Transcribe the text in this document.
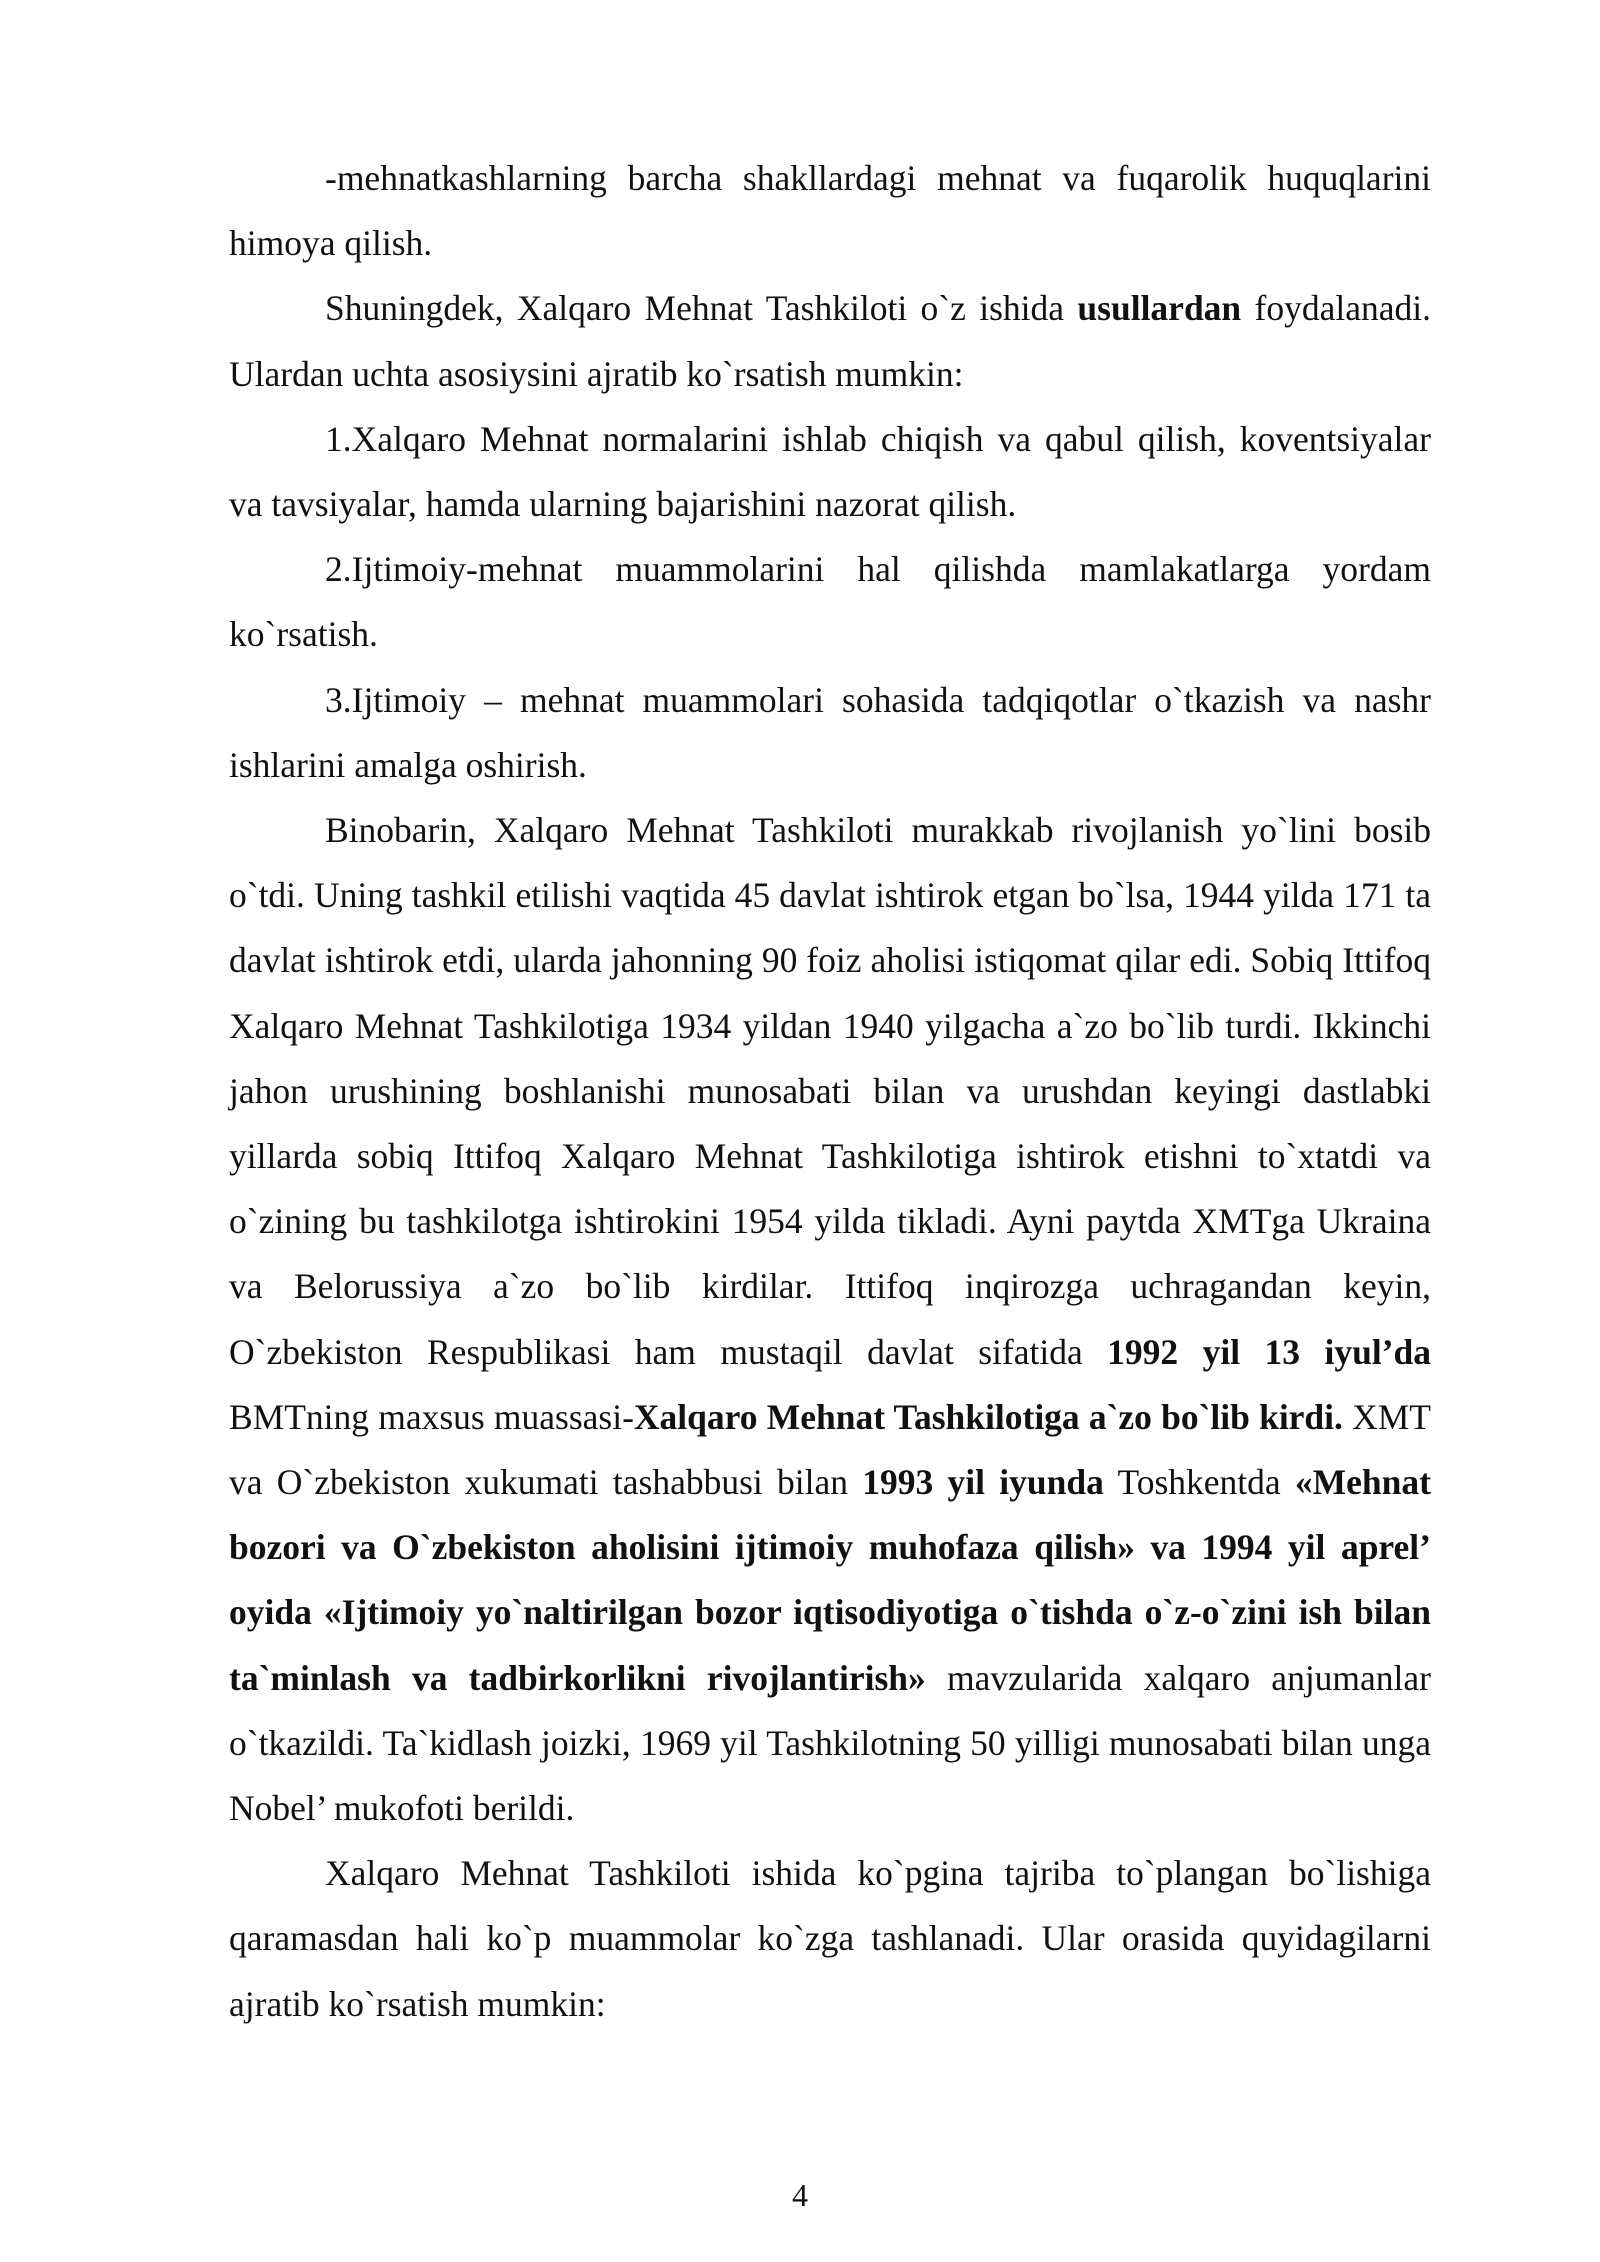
-mehnatkashlarning barcha shakllardagi mehnat va fuqarolik huquqlarini himoya qilish.

Shuningdek, Xalqaro Mehnat Tashkiloti o`z ishida usullardan foydalanadi. Ulardan uchta asosiysini ajratib ko`rsatish mumkin:

1.Xalqaro Mehnat normalarini ishlab chiqish va qabul qilish, koventsiyalar va tavsiyalar, hamda ularning bajarishini nazorat qilish.

2.Ijtimoiy-mehnat muammolarini hal qilishda mamlakatlarga yordam ko`rsatish.

3.Ijtimoiy – mehnat muammolari sohasida tadqiqotlar o`tkazish va nashr ishlarini amalga oshirish.

Binobarin, Xalqaro Mehnat Tashkiloti murakkab rivojlanish yo`lini bosib o`tdi. Uning tashkil etilishi vaqtida 45 davlat ishtirok etgan bo`lsa, 1944 yilda 171 ta davlat ishtirok etdi, ularda jahonning 90 foiz aholisi istiqomat qilar edi. Sobiq Ittifoq Xalqaro Mehnat Tashkilotiga 1934 yildan 1940 yilgacha a`zo bo`lib turdi. Ikkinchi jahon urushining boshlanishi munosabati bilan va urushdan keyingi dastlabki yillarda sobiq Ittifoq Xalqaro Mehnat Tashkilotiga ishtirok etishni to`xtatdi va o`zining bu tashkilotga ishtirokini 1954 yilda tikladi. Ayni paytda XMTga Ukraina va Belorussiya a`zo bo`lib kirdilar. Ittifoq inqirozga uchragandan keyin, O`zbekiston Respublikasi ham mustaqil davlat sifatida 1992 yil 13 iyul’da BMTning maxsus muassasi-Xalqaro Mehnat Tashkilotiga a`zo bo`lib kirdi. XMT va O`zbekiston xukumati tashabbusi bilan 1993 yil iyunda Toshkentda «Mehnat bozori va O`zbekiston aholisini ijtimoiy muhofaza qilish» va 1994 yil aprel’ oyida «Ijtimoiy yo`naltirilgan bozor iqtisodiyotiga o`tishda o`z-o`zini ish bilan ta`minlash va tadbirkorlikni rivojlantirish» mavzularida xalqaro anjumanlar o`tkazildi. Ta`kidlash joizki, 1969 yil Tashkilotning 50 yilligi munosabati bilan unga Nobel’ mukofoti berildi.

Xalqaro Mehnat Tashkiloti ishida ko`pgina tajriba to`plangan bo`lishiga qaramasdan hali ko`p muammolar ko`zga tashlanadi. Ular orasida quyidagilarni ajratib ko`rsatish mumkin:

4
